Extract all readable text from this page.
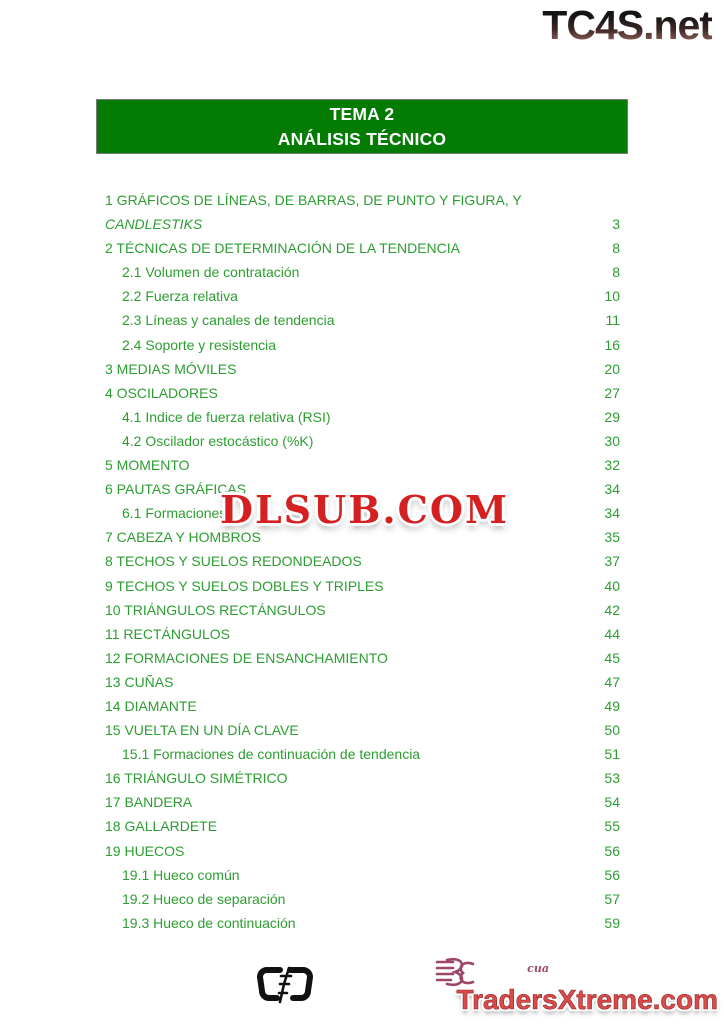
TC4S.net
TEMA 2
ANÁLISIS TÉCNICO
1 GRÁFICOS DE LÍNEAS, DE BARRAS, DE PUNTO Y FIGURA, Y
CANDLESTIKS	3
2 TÉCNICAS DE DETERMINACIÓN DE LA TENDENCIA	8
2.1 Volumen de contratación	8
2.2 Fuerza relativa	10
2.3 Líneas y canales de tendencia	11
2.4 Soporte y resistencia	16
3 MEDIAS MÓVILES	20
4 OSCILADORES	27
4.1 Indice de fuerza relativa (RSI)	29
4.2 Oscilador estocástico (%K)	30
5 MOMENTO	32
6 PAUTAS GRÁFICAS	34
6.1 Formaciones	34
7 CABEZA Y HOMBROS	35
8 TECHOS Y SUELOS REDONDEADOS	37
9 TECHOS Y SUELOS DOBLES Y TRIPLES	40
10 TRIÁNGULOS RECTÁNGULOS	42
11 RECTÁNGULOS	44
12 FORMACIONES DE ENSANCHAMIENTO	45
13 CUÑAS	47
14 DIAMANTE	49
15 VUELTA EN UN DÍA CLAVE	50
15.1 Formaciones de continuación de tendencia	51
16 TRIÁNGULO SIMÉTRICO	53
17 BANDERA	54
18 GALLARDETE	55
19 HUECOS	56
19.1 Hueco común	56
19.2 Hueco de separación	57
19.3 Hueco de continuación	59
DLSUB.COM
cua
TradersXtreme.com
